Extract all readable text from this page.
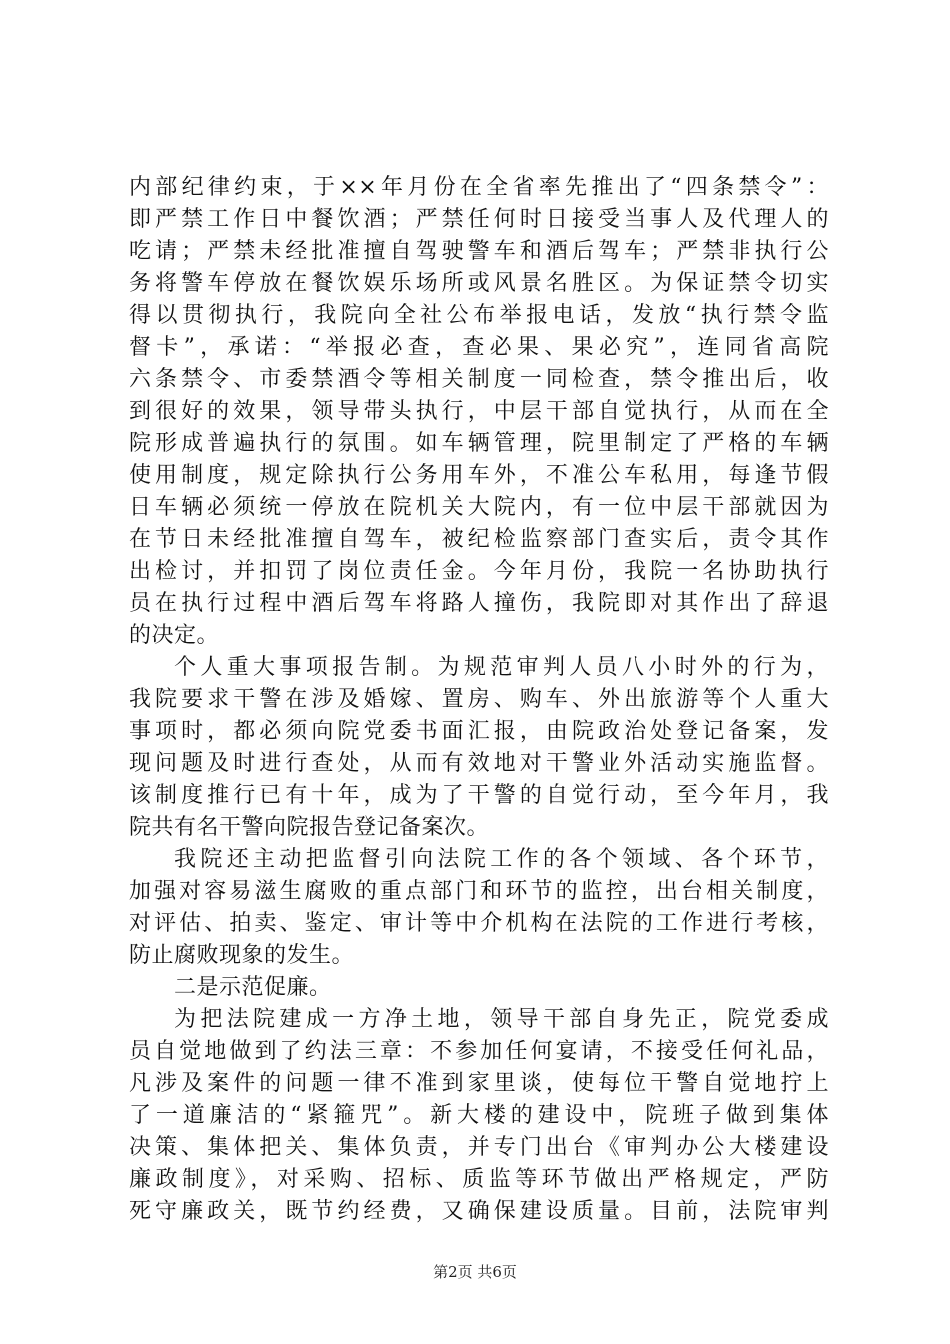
内部纪律约束，于××年月份在全省率先推出了“四条禁令”：
即严禁工作日中餐饮酒；严禁任何时日接受当事人及代理人的
吃请；严禁未经批准擅自驾驶警车和酒后驾车；严禁非执行公
务将警车停放在餐饮娱乐场所或风景名胜区。为保证禁令切实
得以贯彻执行，我院向全社公布举报电话，发放“执行禁令监
督卡”，承诺：“举报必查，查必果、果必究”，连同省高院
六条禁令、市委禁酒令等相关制度一同检查，禁令推出后，收
到很好的效果，领导带头执行，中层干部自觉执行，从而在全
院形成普遍执行的氛围。如车辆管理，院里制定了严格的车辆
使用制度，规定除执行公务用车外，不准公车私用，每逢节假
日车辆必须统一停放在院机关大院内，有一位中层干部就因为
在节日未经批准擅自驾车，被纪检监察部门查实后，责令其作
出检讨，并扣罚了岗位责任金。今年月份，我院一名协助执行
员在执行过程中酒后驾车将路人撞伤，我院即对其作出了辞退
的决定。
个人重大事项报告制。为规范审判人员八小时外的行为，
我院要求干警在涉及婚嫁、置房、购车、外出旅游等个人重大
事项时，都必须向院党委书面汇报，由院政治处登记备案，发
现问题及时进行查处，从而有效地对干警业外活动实施监督。
该制度推行已有十年，成为了干警的自觉行动，至今年月，我
院共有名干警向院报告登记备案次。
我院还主动把监督引向法院工作的各个领域、各个环节，
加强对容易滋生腐败的重点部门和环节的监控，出台相关制度，
对评估、拍卖、鉴定、审计等中介机构在法院的工作进行考核，
防止腐败现象的发生。
二是示范促廉。
为把法院建成一方净土地，领导干部自身先正，院党委成
员自觉地做到了约法三章：不参加任何宴请，不接受任何礼品，
凡涉及案件的问题一律不准到家里谈，使每位干警自觉地拧上
了一道廉洁的“紧箍咒”。新大楼的建设中，院班子做到集体
决策、集体把关、集体负责，并专门出台《审判办公大楼建设
廉政制度》，对采购、招标、质监等环节做出严格规定，严防
死守廉政关，既节约经费，又确保建设质量。目前，法院审判
第2页 共6页
